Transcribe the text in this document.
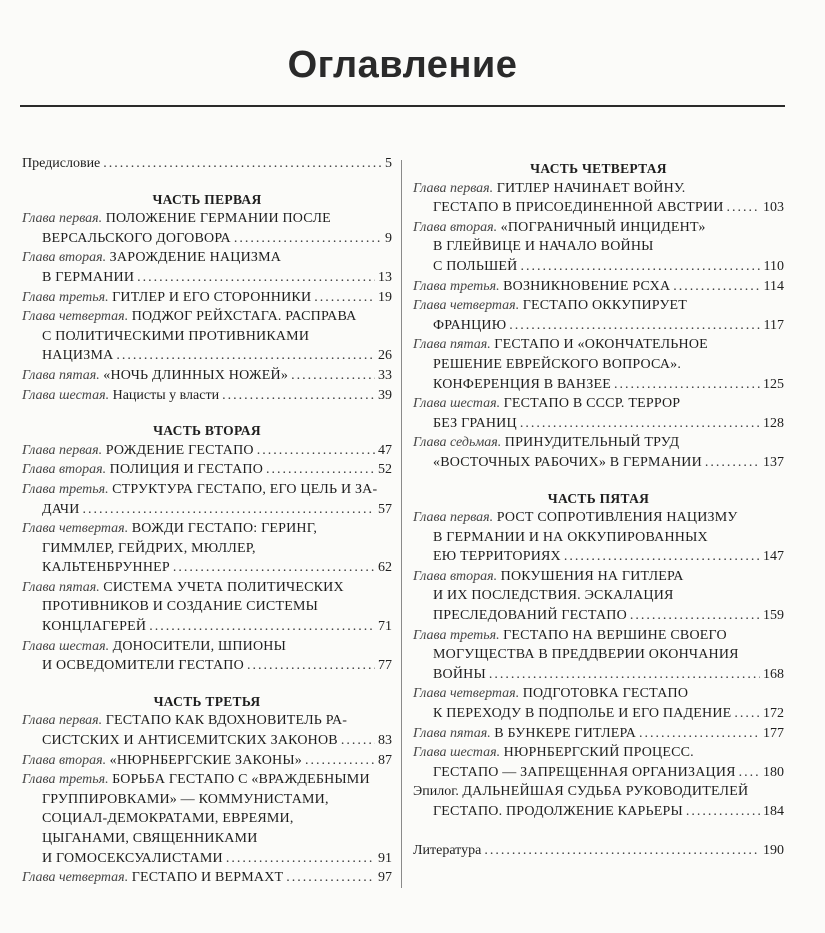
Оглавление
Предисловие .....	5
ЧАСТЬ ПЕРВАЯ
Глава первая. ПОЛОЖЕНИЕ ГЕРМАНИИ ПОСЛЕ
ВЕРСАЛЬСКОГО ДОГОВОРА .....	9
Глава вторая. ЗАРОЖДЕНИЕ НАЦИЗМА
В ГЕРМАНИИ .....	13
Глава третья. ГИТЛЕР И ЕГО СТОРОННИКИ .....	19
Глава четвертая. ПОДЖОГ РЕЙХСТАГА. РАСПРАВА
С ПОЛИТИЧЕСКИМИ ПРОТИВНИКАМИ
НАЦИЗМА .....	26
Глава пятая. «НОЧЬ ДЛИННЫХ НОЖЕЙ» .....	33
Глава шестая. Нацисты у власти .....	39
ЧАСТЬ ВТОРАЯ
Глава первая. РОЖДЕНИЕ ГЕСТАПО .....	47
Глава вторая. ПОЛИЦИЯ И ГЕСТАПО .....	52
Глава третья. СТРУКТУРА ГЕСТАПО, ЕГО ЦЕЛЬ И ЗА-
ДАЧИ .....	57
Глава четвертая. ВОЖДИ ГЕСТАПО: ГЕРИНГ,
ГИММЛЕР, ГЕЙДРИХ, МЮЛЛЕР,
КАЛЬТЕНБРУННЕР .....	62
Глава пятая. СИСТЕМА УЧЕТА ПОЛИТИЧЕСКИХ
ПРОТИВНИКОВ И СОЗДАНИЕ СИСТЕМЫ
КОНЦЛАГЕРЕЙ .....	71
Глава шестая. ДОНОСИТЕЛИ, ШПИОНЫ
И ОСВЕДОМИТЕЛИ ГЕСТАПО .....	77
ЧАСТЬ ТРЕТЬЯ
Глава первая. ГЕСТАПО КАК ВДОХНОВИТЕЛЬ РА-
СИСТСКИХ И АНТИСЕМИТСКИХ ЗАКОНОВ .....	83
Глава вторая. «НЮРНБЕРГСКИЕ ЗАКОНЫ» .....	87
Глава третья. БОРЬБА ГЕСТАПО С «ВРАЖДЕБНЫМИ
ГРУППИРОВКАМИ» — КОММУНИСТАМИ,
СОЦИАЛ-ДЕМОКРАТАМИ, ЕВРЕЯМИ,
ЦЫГАНАМИ, СВЯЩЕННИКАМИ
И ГОМОСЕКСУАЛИСТАМИ .....	91
Глава четвертая. ГЕСТАПО И ВЕРМАХТ .....	97
ЧАСТЬ ЧЕТВЕРТАЯ
Глава первая. ГИТЛЕР НАЧИНАЕТ ВОЙНУ.
ГЕСТАПО В ПРИСОЕДИНЕННОЙ АВСТРИИ .....	103
Глава вторая. «ПОГРАНИЧНЫЙ ИНЦИДЕНТ»
В ГЛЕЙВИЦЕ И НАЧАЛО ВОЙНЫ
С ПОЛЬШЕЙ .....	110
Глава третья. ВОЗНИКНОВЕНИЕ РСХА .....	114
Глава четвертая. ГЕСТАПО ОККУПИРУЕТ
ФРАНЦИЮ .....	117
Глава пятая. ГЕСТАПО И «ОКОНЧАТЕЛЬНОЕ
РЕШЕНИЕ ЕВРЕЙСКОГО ВОПРОСА».
КОНФЕРЕНЦИЯ В ВАНЗЕЕ .....	125
Глава шестая. ГЕСТАПО В СССР. ТЕРРОР
БЕЗ ГРАНИЦ .....	128
Глава седьмая. ПРИНУДИТЕЛЬНЫЙ ТРУД
«ВОСТОЧНЫХ РАБОЧИХ» В ГЕРМАНИИ .....	137
ЧАСТЬ ПЯТАЯ
Глава первая. РОСТ СОПРОТИВЛЕНИЯ НАЦИЗМУ
В ГЕРМАНИИ И НА ОККУПИРОВАННЫХ
ЕЮ ТЕРРИТОРИЯХ .....	147
Глава вторая. ПОКУШЕНИЯ НА ГИТЛЕРА
И ИХ ПОСЛЕДСТВИЯ. ЭСКАЛАЦИЯ
ПРЕСЛЕДОВАНИЙ ГЕСТАПО .....	159
Глава третья. ГЕСТАПО НА ВЕРШИНЕ СВОЕГО
МОГУЩЕСТВА В ПРЕДДВЕРИИ ОКОНЧАНИЯ
ВОЙНЫ .....	168
Глава четвертая. ПОДГОТОВКА ГЕСТАПО
К ПЕРЕХОДУ В ПОДПОЛЬЕ И ЕГО ПАДЕНИЕ ..... 172
Глава пятая. В БУНКЕРЕ ГИТЛЕРА .....	177
Глава шестая. НЮРНБЕРГСКИЙ ПРОЦЕСС.
ГЕСТАПО — ЗАПРЕЩЕННАЯ ОРГАНИЗАЦИЯ ..... 180
Эпилог. ДАЛЬНЕЙШАЯ СУДЬБА РУКОВОДИТЕЛЕЙ
ГЕСТАПО. ПРОДОЛЖЕНИЕ КАРЬЕРЫ .....	184
Литература .....	190
